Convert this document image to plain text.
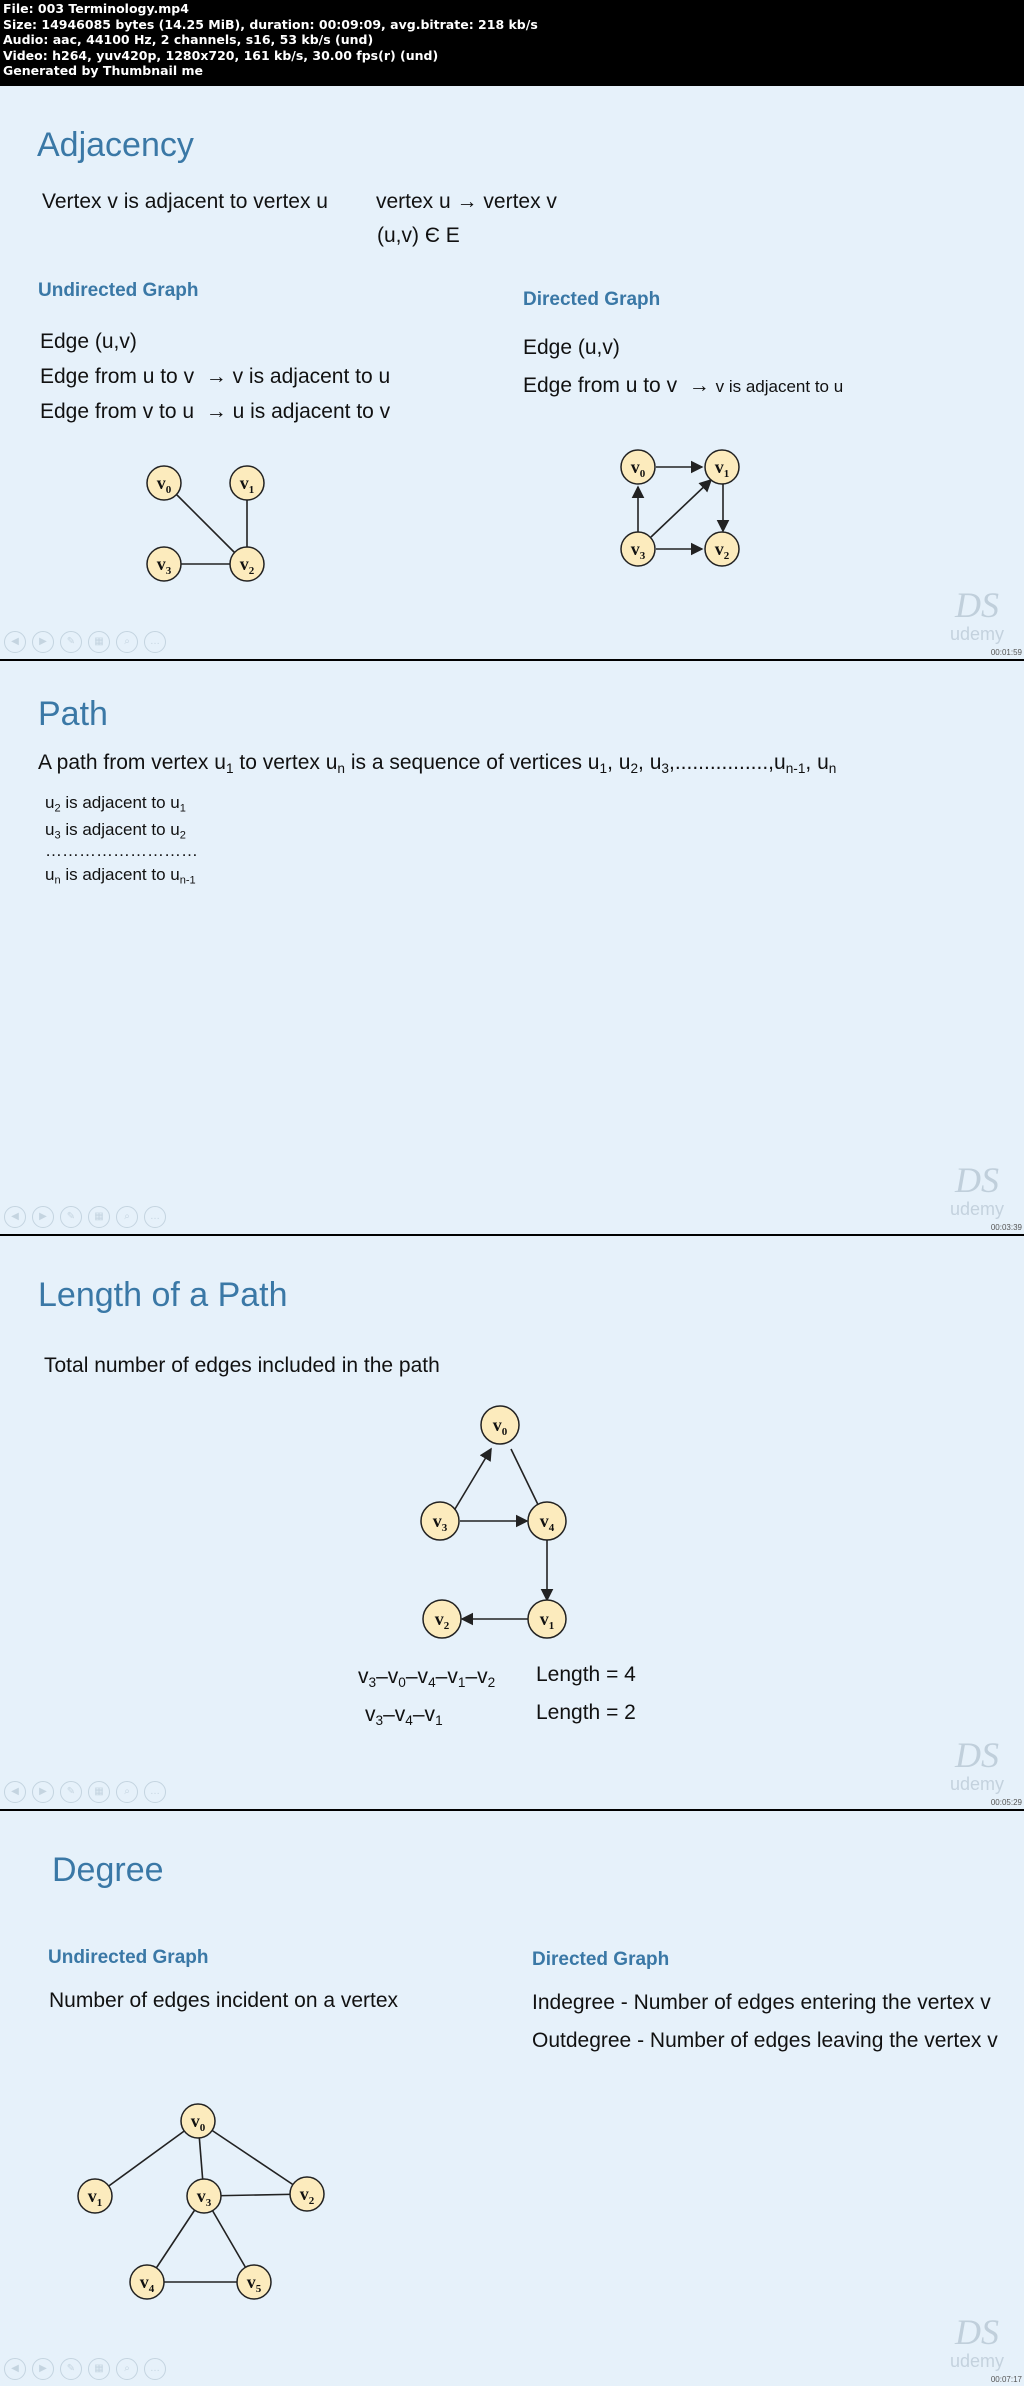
File: 003 Terminology.mp4
Size: 14946085 bytes (14.25 MiB), duration: 00:09:09, avg.bitrate: 218 kb/s
Audio: aac, 44100 Hz, 2 channels, s16, 53 kb/s (und)
Video: h264, yuv420p, 1280x720, 161 kb/s, 30.00 fps(r) (und)
Generated by Thumbnail me
Adjacency
Vertex v is adjacent to vertex u vertex u → vertex v
(u,v) Є E
Undirected Graph	Directed Graph
Edge (u,v)
Edge from u to v → v is adjacent to u
Edge from v to u → u is adjacent to v
Edge (u,v)
Edge from u to v → v is adjacent to u
$v_0$	$v_1$
$v_3$	$v_2$
$v_0$	$v_1$
$v_3$	$v_2$
◀	▶	✎	▦	⌕	…
DS
udemy
00:01:59
Path
A path from vertex $u_1$ to vertex $u_n$ is a sequence of vertices $u_1$, $u_2$, $u_3,................,u_{n-1}$, $u_n$
$u_2$ is adjacent to $u_1$
$u_3$ is adjacent to $u_2$
………………………
$u_n$ is adjacent to $u_{n-1}$
◀	▶	✎	▦	⌕	…
DS
udemy
00:03:39
Length of a Path
Total number of edges included in the path
$v_0$
$v_3$	$v_4$
$v_2$	$v_1$
$v_3-v_0-v_4-v_1-v_2$ Length = 4
$v_3-v_4-v_1$	Length = 2
◀	▶	✎	▦	⌕	…
DS
udemy
00:05:29
Degree
Undirected Graph	Directed Graph
Number of edges incident on a vertex	Indegree - Number of edges entering the vertex v
Outdegree - Number of edges leaving the vertex v
$v_0$
$v_1$	$v_3$	$v_2$
$v_4$	$v_5$
◀	▶	✎	▦	⌕	…
DS
udemy
00:07:17
